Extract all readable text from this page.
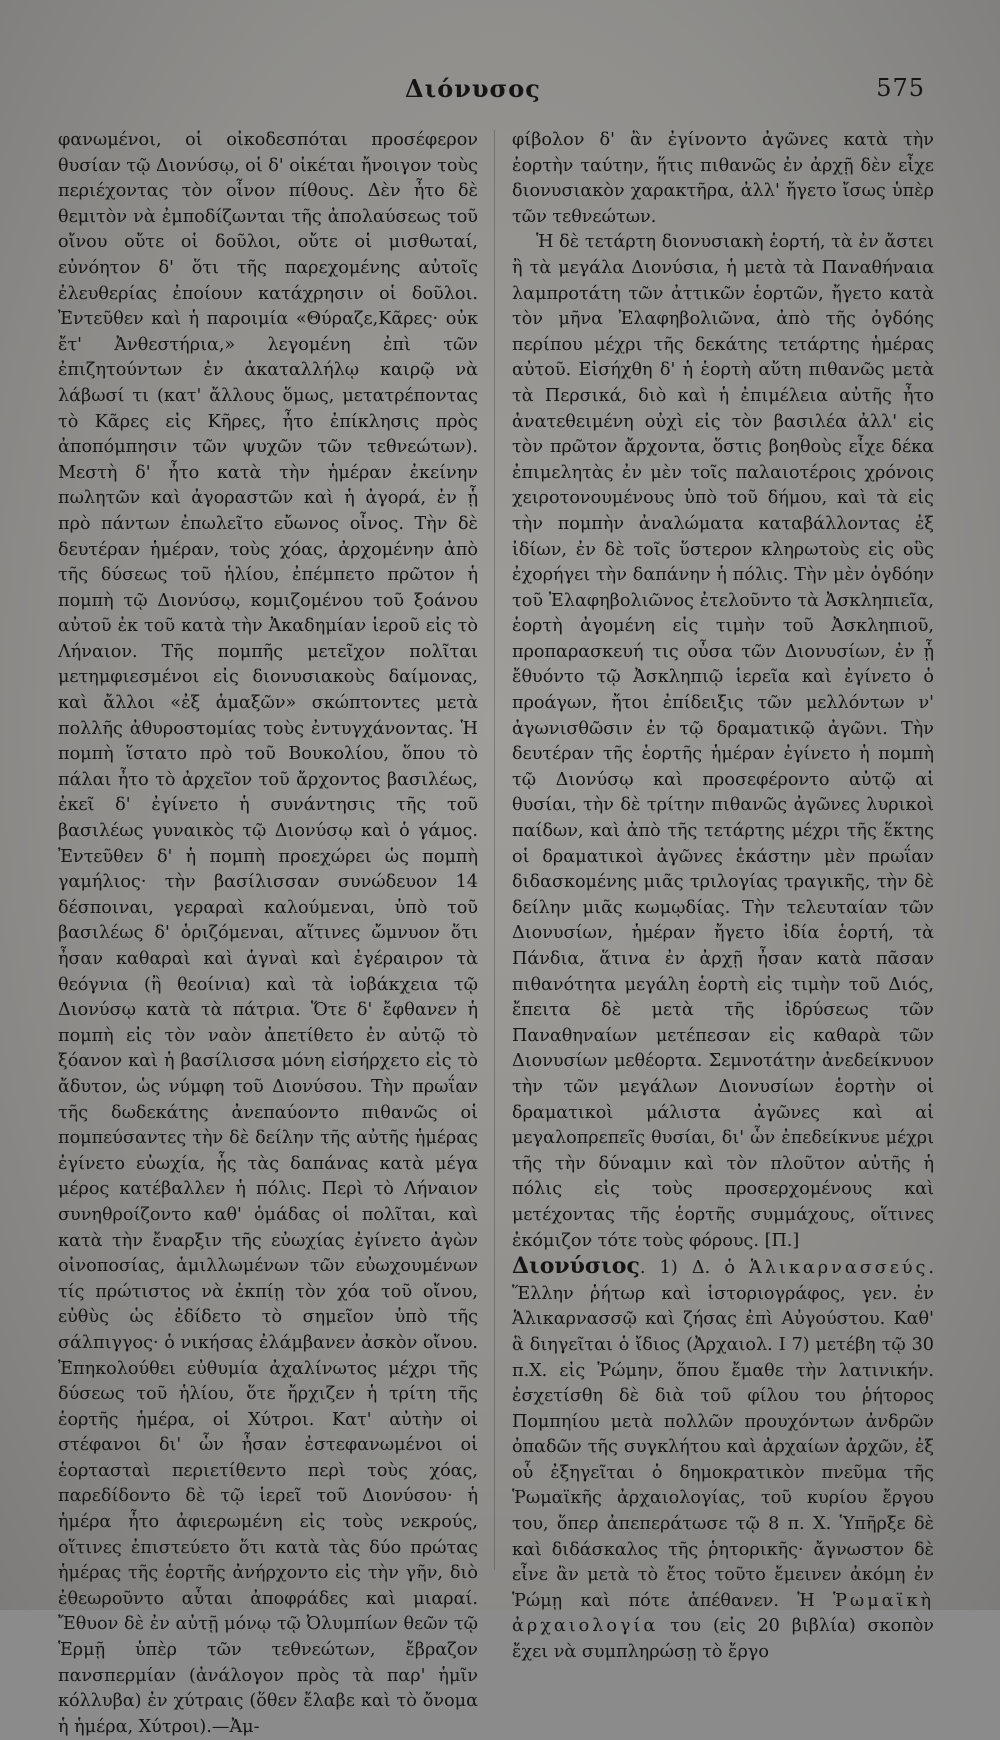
Διόνυσος	575

φανωμένοι, οἱ οἰκοδεσπόται προσέφερον θυσίαν τῷ Διονύσῳ, οἱ δ' οἰκέται ἤνοιγον τοὺς περιέχοντας τὸν οἶνον πίθους. Δὲν ἦτο δὲ θεμιτὸν νὰ ἐμποδίζωνται τῆς ἀπολαύσεως τοῦ οἴνου οὔτε οἱ δοῦλοι, οὔτε οἱ μισθωταί, εὐνόητον δ' ὅτι τῆς παρεχομένης αὐτοῖς ἐλευθερίας ἐποίουν κατάχρησιν οἱ δοῦλοι. Ἐντεῦθεν καὶ ἡ παροιμία «Θύραζε,Κᾶρες· οὐκ ἔτ' Ἀνθεστήρια,» λεγομένη ἐπὶ τῶν ἐπιζητούντων ἐν ἀκαταλλήλῳ καιρῷ νὰ λάβωσί τι (κατ' ἄλλους ὅμως, μετατρέποντας τὸ Κᾶρες εἰς Κῆρες, ἦτο ἐπίκλησις πρὸς ἀποπόμπησιν τῶν ψυχῶν τῶν τεθνεώτων). Μεστὴ δ' ἦτο κατὰ τὴν ἡμέραν ἐκείνην πωλητῶν καὶ ἀγοραστῶν καὶ ἡ ἀγορά, ἐν ᾗ πρὸ πάντων ἐπωλεῖτο εὔωνος οἶνος. Τὴν δὲ δευτέραν ἡμέραν, τοὺς χόας, ἀρχομένην ἀπὸ τῆς δύσεως τοῦ ἡλίου, ἐπέμπετο πρῶτον ἡ πομπὴ τῷ Διονύσῳ, κομιζομένου τοῦ ξοάνου αὐτοῦ ἐκ τοῦ κατὰ τὴν Ἀκαδημίαν ἱεροῦ εἰς τὸ Λήναιον. Τῆς πομπῆς μετεῖχον πολῖται μετημφιεσμένοι εἰς διονυσιακοὺς δαίμονας, καὶ ἄλλοι «ἐξ ἁμαξῶν» σκώπτοντες μετὰ πολλῆς ἀθυροστομίας τοὺς ἐντυγχάνοντας. Ἡ πομπὴ ἵστατο πρὸ τοῦ Βουκολίου, ὅπου τὸ πάλαι ἦτο τὸ ἀρχεῖον τοῦ ἄρχοντος βασιλέως, ἐκεῖ δ' ἐγίνετο ἡ συνάντησις τῆς τοῦ βασιλέως γυναικὸς τῷ Διονύσῳ καὶ ὁ γάμος. Ἐντεῦθεν δ' ἡ πομπὴ προεχώρει ὡς πομπὴ γαμήλιος· τὴν βασίλισσαν συνώδευον 14 δέσποιναι, γεραραὶ καλούμεναι, ὑπὸ τοῦ βασιλέως δ' ὁριζόμεναι, αἵτινες ὤμνυον ὅτι ἦσαν καθαραὶ καὶ ἁγναὶ καὶ ἐγέραιρον τὰ θεόγνια (ἢ θεοίνια) καὶ τὰ ἰοβάκχεια τῷ Διονύσῳ κατὰ τὰ πάτρια. Ὅτε δ' ἔφθανεν ἡ πομπὴ εἰς τὸν ναὸν ἀπετίθετο ἐν αὐτῷ τὸ ξόανον καὶ ἡ βασίλισσα μόνη εἰσήρχετο εἰς τὸ ἄδυτον, ὡς νύμφη τοῦ Διονύσου. Τὴν πρωΐαν τῆς δωδεκάτης ἀνεπαύοντο πιθανῶς οἱ πομπεύσαντες τὴν δὲ δείλην τῆς αὐτῆς ἡμέρας ἐγίνετο εὐωχία, ἧς τὰς δαπάνας κατὰ μέγα μέρος κατέβαλλεν ἡ πόλις. Περὶ τὸ Λήναιον συνηθροίζοντο καθ' ὁμάδας οἱ πολῖται, καὶ κατὰ τὴν ἔναρξιν τῆς εὐωχίας ἐγίνετο ἀγὼν οἰνοποσίας, ἁμιλλωμένων τῶν εὐωχουμένων τίς πρώτιστος νὰ ἐκπίῃ τὸν χόα τοῦ οἴνου, εὐθὺς ὡς ἐδίδετο τὸ σημεῖον ὑπὸ τῆς σάλπιγγος· ὁ νικήσας ἐλάμβανεν ἀσκὸν οἴνου. Ἐπηκολούθει εὐθυμία ἀχαλίνωτος μέχρι τῆς δύσεως τοῦ ἡλίου, ὅτε ἤρχιζεν ἡ τρίτη τῆς ἑορτῆς ἡμέρα, οἱ Χύτροι. Κατ' αὐτὴν οἱ στέφανοι δι' ὧν ἦσαν ἐστεφανωμένοι οἱ ἑορτασταὶ περιετίθεντο περὶ τοὺς χόας, παρεδίδοντο δὲ τῷ ἱερεῖ τοῦ Διονύσου· ἡ ἡμέρα ἦτο ἀφιερωμένη εἰς τοὺς νεκρούς, οἵτινες ἐπιστεύετο ὅτι κατὰ τὰς δύο πρώτας ἡμέρας τῆς ἑορτῆς ἀνήρχοντο εἰς τὴν γῆν, διὸ ἐθεωροῦντο αὗται ἀποφράδες καὶ μιαραί. Ἔθυον δὲ ἐν αὐτῇ μόνῳ τῷ Ὀλυμπίων θεῶν τῷ Ἑρμῇ ὑπὲρ τῶν τεθνεώτων, ἔβραζον πανσπερμίαν (ἀνάλογον πρὸς τὰ παρ' ἡμῖν κόλλυβα) ἐν χύτραις (ὅθεν ἔλαβε καὶ τὸ ὄνομα ἡ ἡμέρα, Χύτροι).—Ἀμ-

φίβολον δ' ἂν ἐγίνοντο ἀγῶνες κατὰ τὴν ἑορτὴν ταύτην, ἥτις πιθανῶς ἐν ἀρχῇ δὲν εἶχε διονυσιακὸν χαρακτῆρα, ἀλλ' ἤγετο ἴσως ὑπὲρ τῶν τεθνεώτων.

Ἡ δὲ τετάρτη διονυσιακὴ ἑορτή, τὰ ἐν ἄστει ἢ τὰ μεγάλα Διονύσια, ἡ μετὰ τὰ Παναθήναια λαμπροτάτη τῶν ἀττικῶν ἑορτῶν, ἤγετο κατὰ τὸν μῆνα Ἐλαφηβολιῶνα, ἀπὸ τῆς ὀγδόης περίπου μέχρι τῆς δεκάτης τετάρτης ἡμέρας αὐτοῦ. Εἰσήχθη δ' ἡ ἑορτὴ αὕτη πιθανῶς μετὰ τὰ Περσικά, διὸ καὶ ἡ ἐπιμέλεια αὐτῆς ἦτο ἀνατεθειμένη οὐχὶ εἰς τὸν βασιλέα ἀλλ' εἰς τὸν πρῶτον ἄρχοντα, ὅστις βοηθοὺς εἶχε δέκα ἐπιμελητὰς ἐν μὲν τοῖς παλαιοτέροις χρόνοις χειροτονουμένους ὑπὸ τοῦ δήμου, καὶ τὰ εἰς τὴν πομπὴν ἀναλώματα καταβάλλοντας ἐξ ἰδίων, ἐν δὲ τοῖς ὕστερον κληρωτοὺς εἰς οὓς ἐχορήγει τὴν δαπάνην ἡ πόλις. Τὴν μὲν ὀγδόην τοῦ Ἐλαφηβολιῶνος ἐτελοῦντο τὰ Ἀσκληπιεῖα, ἑορτὴ ἀγομένη εἰς τιμὴν τοῦ Ἀσκληπιοῦ, προπαρασκευή τις οὖσα τῶν Διονυσίων, ἐν ᾗ ἔθυόντο τῷ Ἀσκληπιῷ ἱερεῖα καὶ ἐγίνετο ὁ προάγων, ἤτοι ἐπίδειξις τῶν μελλόντων ν' ἀγωνισθῶσιν ἐν τῷ δραματικῷ ἀγῶνι. Τὴν δευτέραν τῆς ἑορτῆς ἡμέραν ἐγίνετο ἡ πομπὴ τῷ Διονύσῳ καὶ προσεφέροντο αὐτῷ αἱ θυσίαι, τὴν δὲ τρίτην πιθανῶς ἀγῶνες λυρικοὶ παίδων, καὶ ἀπὸ τῆς τετάρτης μέχρι τῆς ἕκτης οἱ δραματικοὶ ἀγῶνες ἑκάστην μὲν πρωΐαν διδασκομένης μιᾶς τριλογίας τραγικῆς, τὴν δὲ δείλην μιᾶς κωμῳδίας. Τὴν τελευταίαν τῶν Διονυσίων, ἡμέραν ἤγετο ἰδία ἑορτή, τὰ Πάνδια, ἅτινα ἐν ἀρχῇ ἦσαν κατὰ πᾶσαν πιθανότητα μεγάλη ἑορτὴ εἰς τιμὴν τοῦ Διός, ἔπειτα δὲ μετὰ τῆς ἰδρύσεως τῶν Παναθηναίων μετέπεσαν εἰς καθαρὰ τῶν Διονυσίων μεθέορτα. Σεμνοτάτην ἀνεδείκνυον τὴν τῶν μεγάλων Διονυσίων ἑορτὴν οἱ δραματικοὶ μάλιστα ἀγῶνες καὶ αἱ μεγαλοπρεπεῖς θυσίαι, δι' ὧν ἐπεδείκνυε μέχρι τῆς τὴν δύναμιν καὶ τὸν πλοῦτον αὐτῆς ἡ πόλις εἰς τοὺς προσερχομένους καὶ μετέχοντας τῆς ἑορτῆς συμμάχους, οἵτινες ἐκόμιζον τότε τοὺς φόρους. [Π.]

Διονύσιος. 1) Δ. ὁ Ἁλικαρνασσεύς. Ἕλλην ῥήτωρ καὶ ἱστοριογράφος, γεν. ἐν Ἁλικαρνασσῷ καὶ ζήσας ἐπὶ Αὐγούστου. Καθ' ἃ διηγεῖται ὁ ἴδιος (Ἀρχαιολ. Ι 7) μετέβη τῷ 30 π.Χ. εἰς Ῥώμην, ὅπου ἔμαθε τὴν λατινικήν. ἐσχετίσθη δὲ διὰ τοῦ φίλου του ῥήτορος Πομπηίου μετὰ πολλῶν προυχόντων ἀνδρῶν ὀπαδῶν τῆς συγκλήτου καὶ ἀρχαίων ἀρχῶν, ἐξ οὗ ἐξηγεῖται ὁ δημοκρατικὸν πνεῦμα τῆς Ῥωμαϊκῆς ἀρχαιολογίας, τοῦ κυρίου ἔργου του, ὅπερ ἀπεπεράτωσε τῷ 8 π. Χ. Ὑπῆρξε δὲ καὶ διδάσκαλος τῆς ῥητορικῆς· ἄγνωστον δὲ εἶνε ἂν μετὰ τὸ ἔτος τοῦτο ἔμεινεν ἀκόμη ἐν Ῥώμῃ καὶ πότε ἀπέθανεν. Ἡ Ῥωμαϊκὴ ἀρχαιολογία του (εἰς 20 βιβλία) σκοπὸν ἔχει νὰ συμπληρώσῃ τὸ ἔργο
